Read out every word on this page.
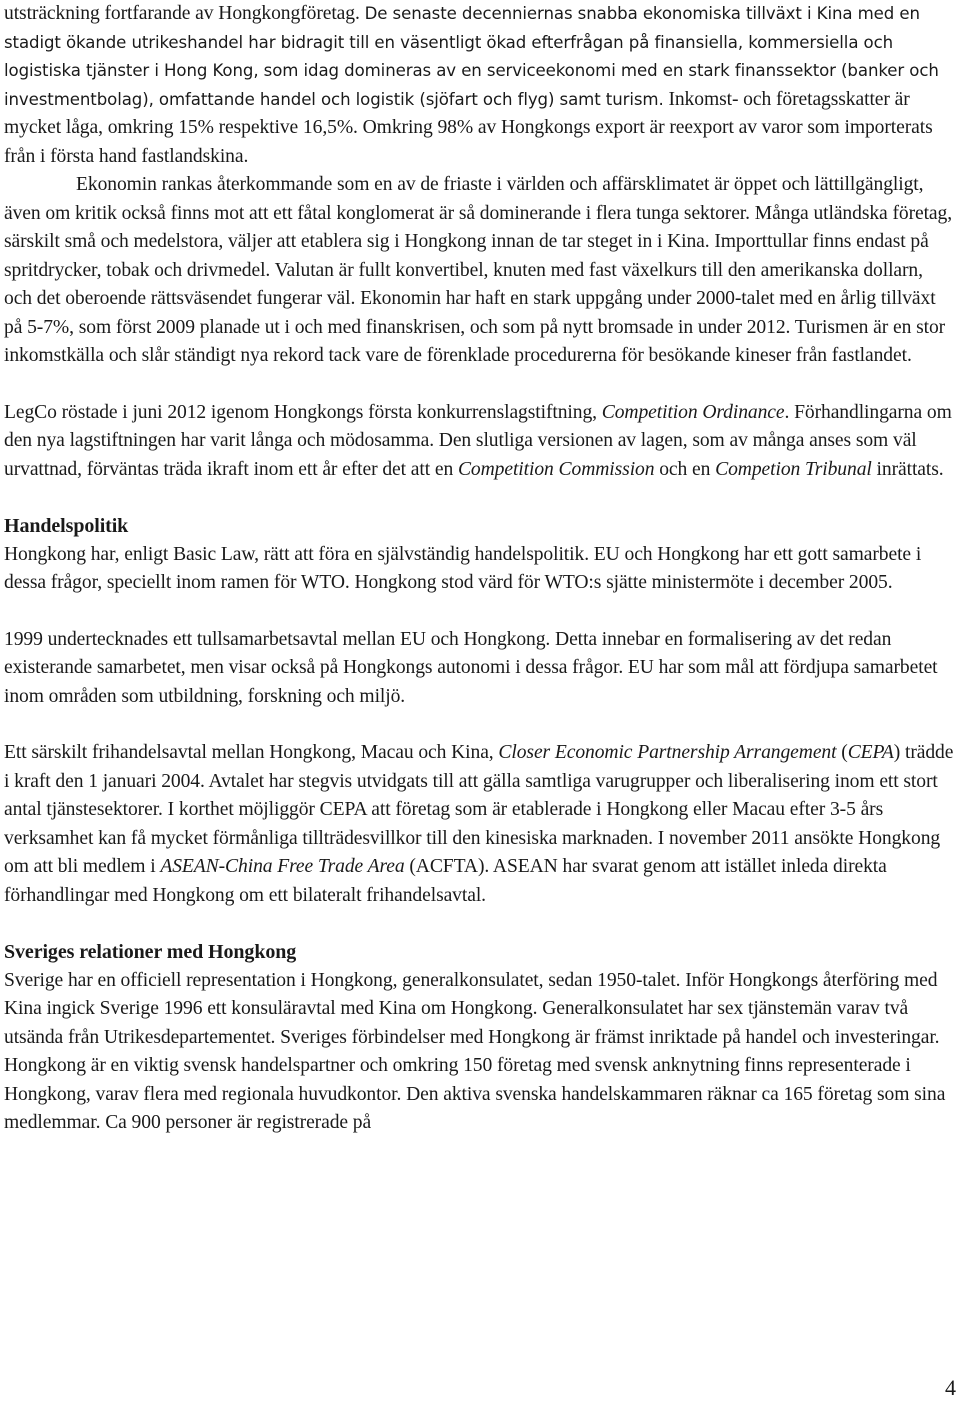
utsträckning fortfarande av Hongkongföretag. De senaste decenniernas snabba ekonomiska tillväxt i Kina med en stadigt ökande utrikeshandel har bidragit till en väsentligt ökad efterfrågan på finansiella, kommersiella och logistiska tjänster i Hong Kong, som idag domineras av en serviceekonomi med en stark finanssektor (banker och investmentbolag), omfattande handel och logistik (sjöfart och flyg) samt turism. Inkomst- och företagsskatter är mycket låga, omkring 15% respektive 16,5%. Omkring 98% av Hongkongs export är reexport av varor som importerats från i första hand fastlandskina.

Ekonomin rankas återkommande som en av de friaste i världen och affärsklimatet är öppet och lättillgängligt, även om kritik också finns mot att ett fåtal konglomerat är så dominerande i flera tunga sektorer. Många utländska företag, särskilt små och medelstora, väljer att etablera sig i Hongkong innan de tar steget in i Kina. Importtullar finns endast på spritdrycker, tobak och drivmedel. Valutan är fullt konvertibel, knuten med fast växelkurs till den amerikanska dollarn, och det oberoende rättsväsendet fungerar väl. Ekonomin har haft en stark uppgång under 2000-talet med en årlig tillväxt på 5-7%, som först 2009 planade ut i och med finanskrisen, och som på nytt bromsade in under 2012. Turismen är en stor inkomstkälla och slår ständigt nya rekord tack vare de förenklade procedurerna för besökande kineser från fastlandet.

LegCo röstade i juni 2012 igenom Hongkongs första konkurrenslagstiftning, Competition Ordinance. Förhandlingarna om den nya lagstiftningen har varit långa och mödosamma. Den slutliga versionen av lagen, som av många anses som väl urvattnad, förväntas träda ikraft inom ett år efter det att en Competition Commission och en Competion Tribunal inrättats.

Handelspolitik

Hongkong har, enligt Basic Law, rätt att föra en självständig handelspolitik. EU och Hongkong har ett gott samarbete i dessa frågor, speciellt inom ramen för WTO. Hongkong stod värd för WTO:s sjätte ministermöte i december 2005.

1999 undertecknades ett tullsamarbetsavtal mellan EU och Hongkong. Detta innebar en formalisering av det redan existerande samarbetet, men visar också på Hongkongs autonomi i dessa frågor. EU har som mål att fördjupa samarbetet inom områden som utbildning, forskning och miljö.

Ett särskilt frihandelsavtal mellan Hongkong, Macau och Kina, Closer Economic Partnership Arrangement (CEPA) trädde i kraft den 1 januari 2004. Avtalet har stegvis utvidgats till att gälla samtliga varugrupper och liberalisering inom ett stort antal tjänstesektorer. I korthet möjliggör CEPA att företag som är etablerade i Hongkong eller Macau efter 3-5 års verksamhet kan få mycket förmånliga tillträdesvillkor till den kinesiska marknaden. I november 2011 ansökte Hongkong om att bli medlem i ASEAN-China Free Trade Area (ACFTA). ASEAN har svarat genom att istället inleda direkta förhandlingar med Hongkong om ett bilateralt frihandelsavtal.

Sveriges relationer med Hongkong

Sverige har en officiell representation i Hongkong, generalkonsulatet, sedan 1950-talet. Inför Hongkongs återföring med Kina ingick Sverige 1996 ett konsuläravtal med Kina om Hongkong. Generalkonsulatet har sex tjänstemän varav två utsända från Utrikesdepartementet. Sveriges förbindelser med Hongkong är främst inriktade på handel och investeringar. Hongkong är en viktig svensk handelspartner och omkring 150 företag med svensk anknytning finns representerade i Hongkong, varav flera med regionala huvudkontor. Den aktiva svenska handelskammaren räknar ca 165 företag som sina medlemmar. Ca 900 personer är registrerade på

4
